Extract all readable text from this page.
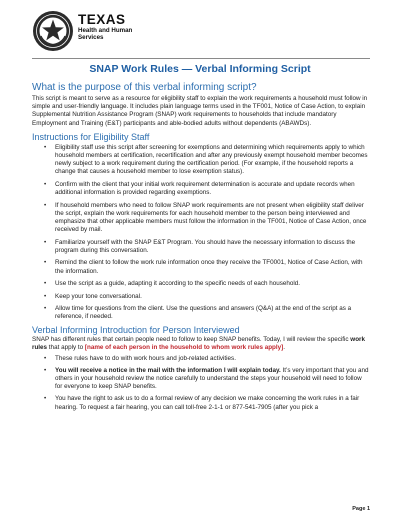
TEXAS
Health and Human
Services
SNAP Work Rules — Verbal Informing Script
What is the purpose of this verbal informing script?

This script is meant to serve as a resource for eligibility staff to explain the work requirements a household must follow in simple and user-friendly language. It includes plain language terms used in the TF001, Notice of Case Action, to explain Supplemental Nutrition Assistance Program (SNAP) work requirements to households that include mandatory Employment and Training (E&T) participants and able-bodied adults without dependents (ABAWDs).

Instructions for Eligibility Staff
• Eligibility staff use this script after screening for exemptions and determining which requirements apply to which household members at certification, recertification and after any previously exempt household member becomes newly subject to a work requirement during the certification period. (For example, if the household reports a change that causes a household member to lose exemption status).
• Confirm with the client that your initial work requirement determination is accurate and update records when additional information is provided regarding exemptions.
• If household members who need to follow SNAP work requirements are not present when eligibility staff deliver the script, explain the work requirements for each household member to the person being interviewed and emphasize that other applicable members must follow the information in the TF001, Notice of Case Action, once received by mail.
• Familiarize yourself with the SNAP E&T Program. You should have the necessary information to discuss the program during this conversation.
• Remind the client to follow the work rule information once they receive the TF0001, Notice of Case Action, with the information.
• Use the script as a guide, adapting it according to the specific needs of each household.
• Keep your tone conversational.
• Allow time for questions from the client. Use the questions and answers (Q&A) at the end of the script as a reference, if needed.
Verbal Informing Introduction for Person Interviewed

SNAP has different rules that certain people need to follow to keep SNAP benefits. Today, I will review the specific work rules that apply to [name of each person in the household to whom work rules apply].

• These rules have to do with work hours and job-related activities.
• You will receive a notice in the mail with the information I will explain today. It’s very important that you and others in your household review the notice carefully to understand the steps your household will need to follow for everyone to keep SNAP benefits.
• You have the right to ask us to do a formal review of any decision we make concerning the work rules in a fair hearing. To request a fair hearing, you can call toll-free 2-1-1 or 877-541-7905 (after you pick a
Page 1
